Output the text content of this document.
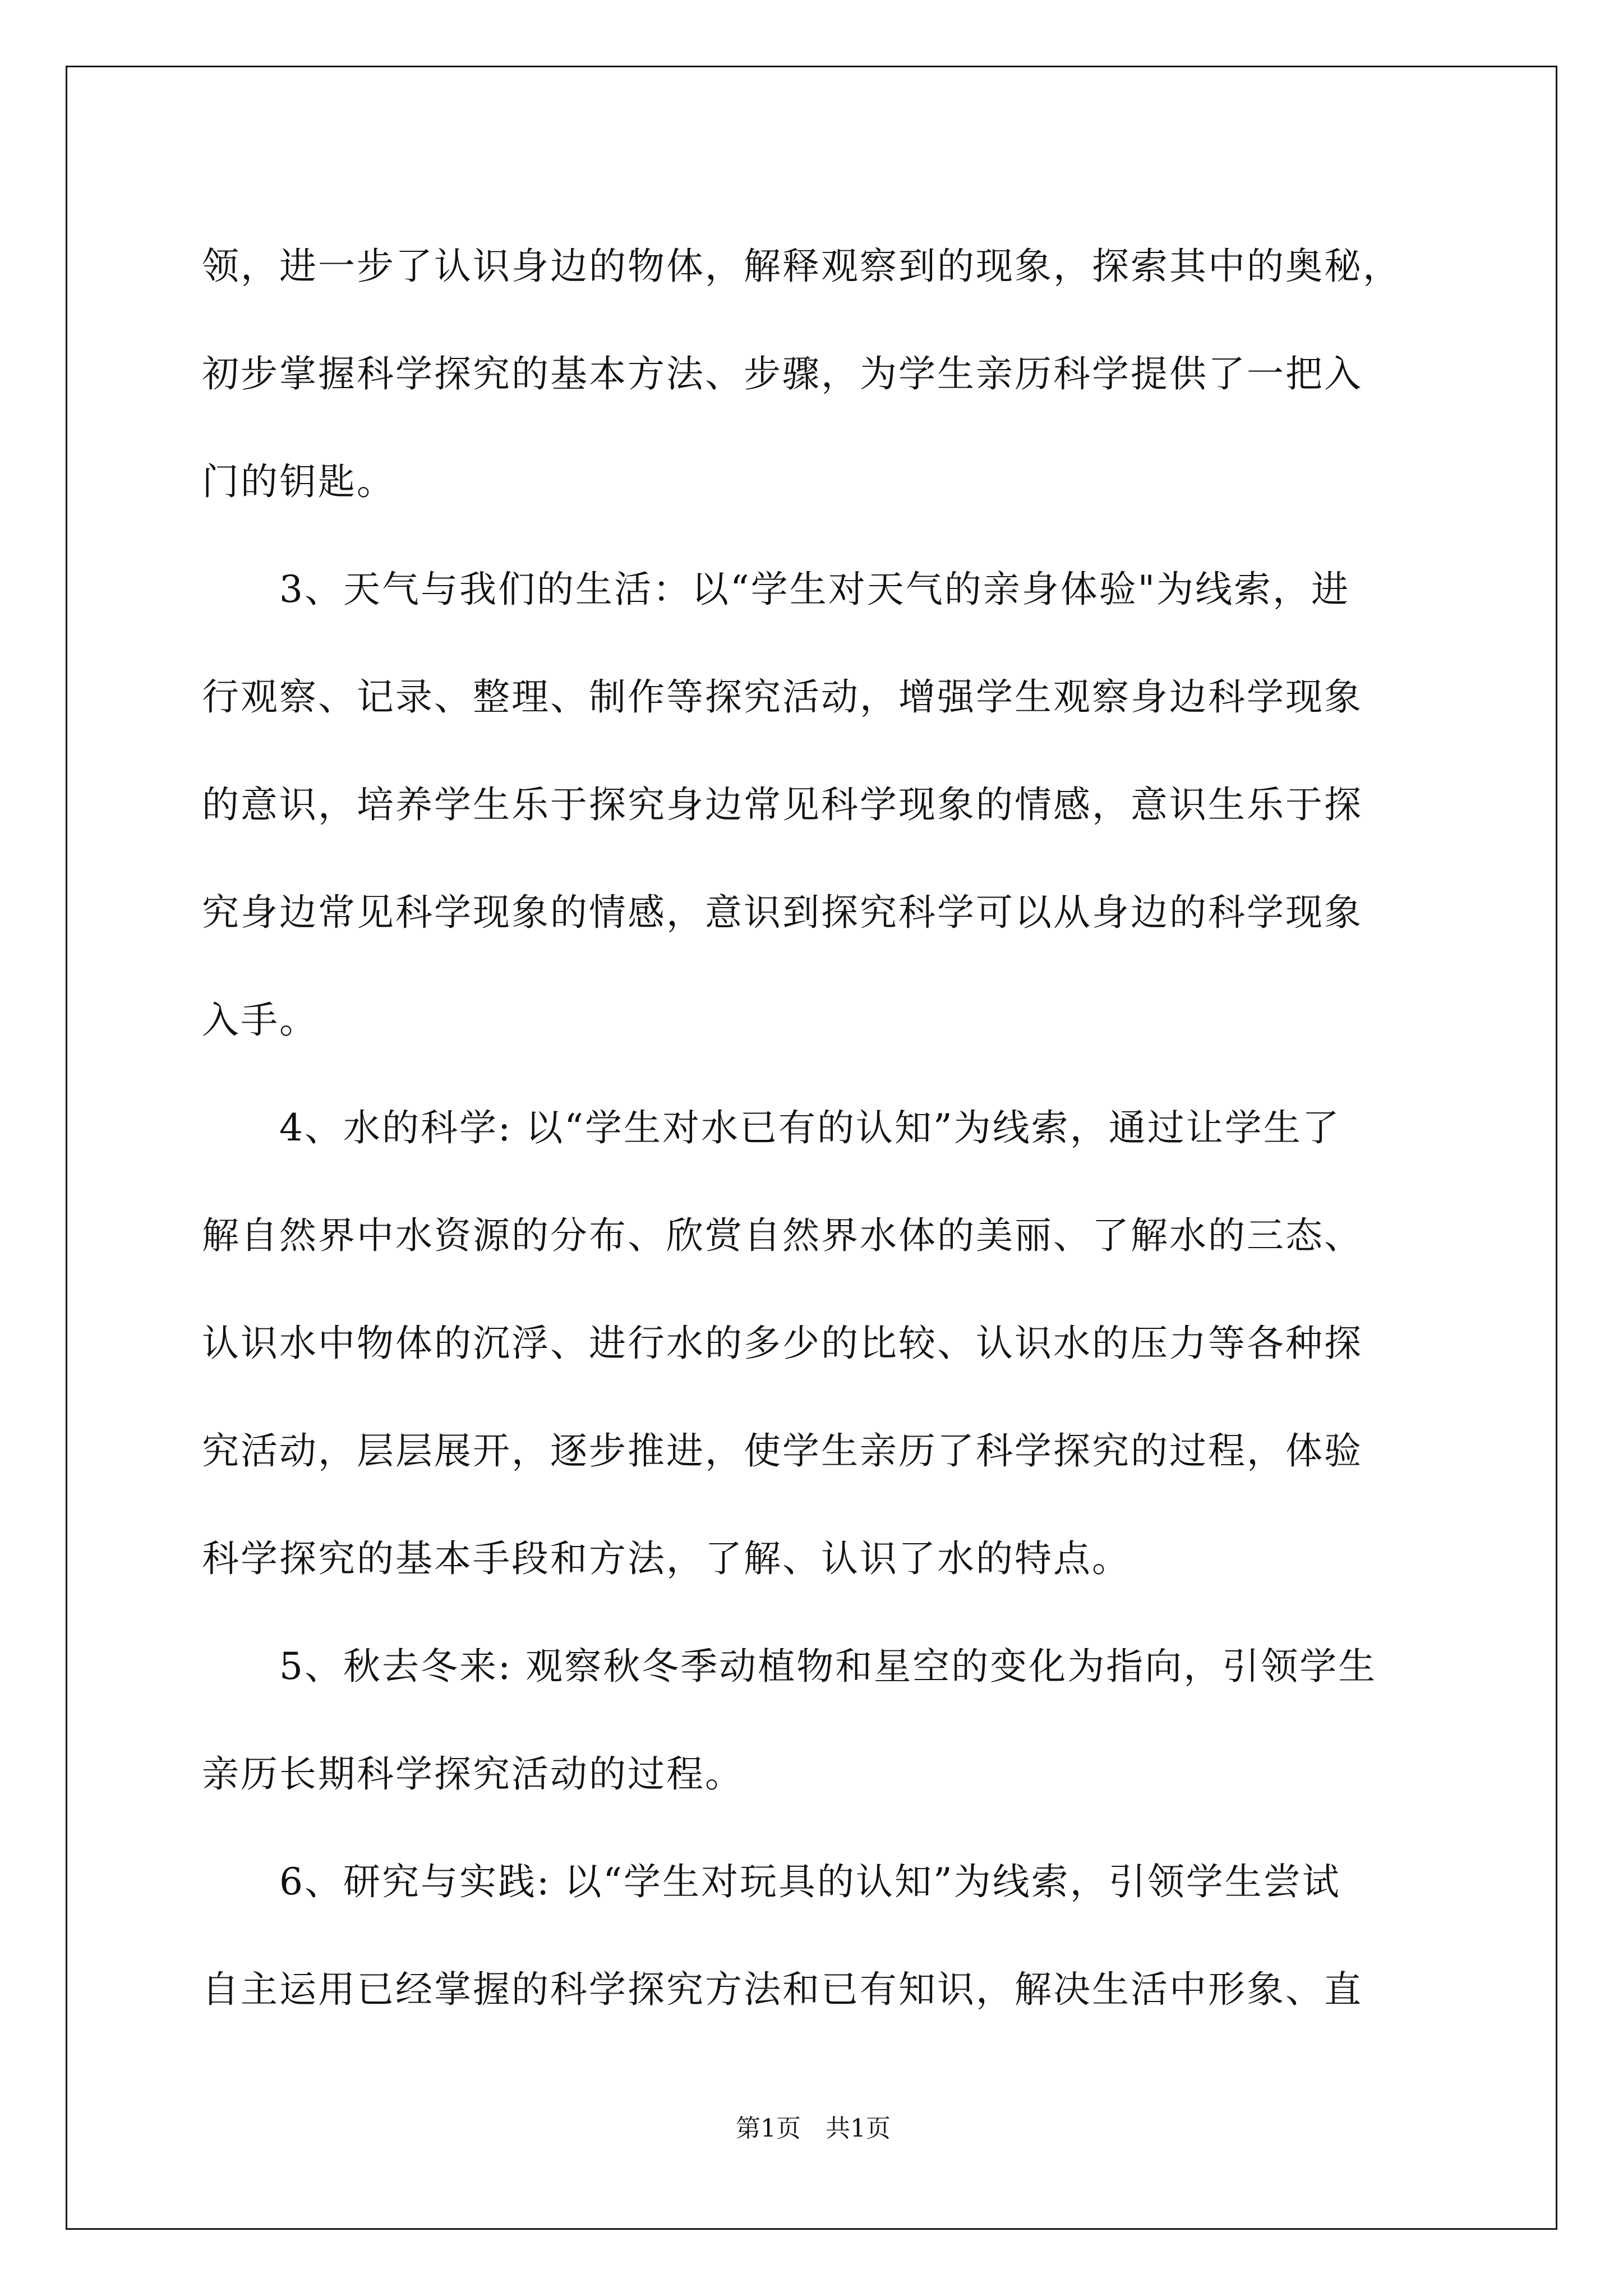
领，进一步了认识身边的物体，解释观察到的现象，探索其中的奥秘，
初步掌握科学探究的基本方法、步骤，为学生亲历科学提供了一把入
门的钥匙。
　　3、天气与我们的生活：以“学生对天气的亲身体验"为线索，进
行观察、记录、整理、制作等探究活动，增强学生观察身边科学现象
的意识，培养学生乐于探究身边常见科学现象的情感，意识生乐于探
究身边常见科学现象的情感，意识到探究科学可以从身边的科学现象
入手。
　　4、水的科学: 以“学生对水已有的认知”为线索，通过让学生了
解自然界中水资源的分布、欣赏自然界水体的美丽、了解水的三态、
认识水中物体的沉浮、进行水的多少的比较、认识水的压力等各种探
究活动，层层展开，逐步推进，使学生亲历了科学探究的过程，体验
科学探究的基本手段和方法，了解、认识了水的特点。
　　5、秋去冬来: 观察秋冬季动植物和星空的变化为指向，引领学生
亲历长期科学探究活动的过程。
　　6、研究与实践: 以“学生对玩具的认知”为线索，引领学生尝试
自主运用已经掌握的科学探究方法和已有知识，解决生活中形象、直
第1页　共1页
